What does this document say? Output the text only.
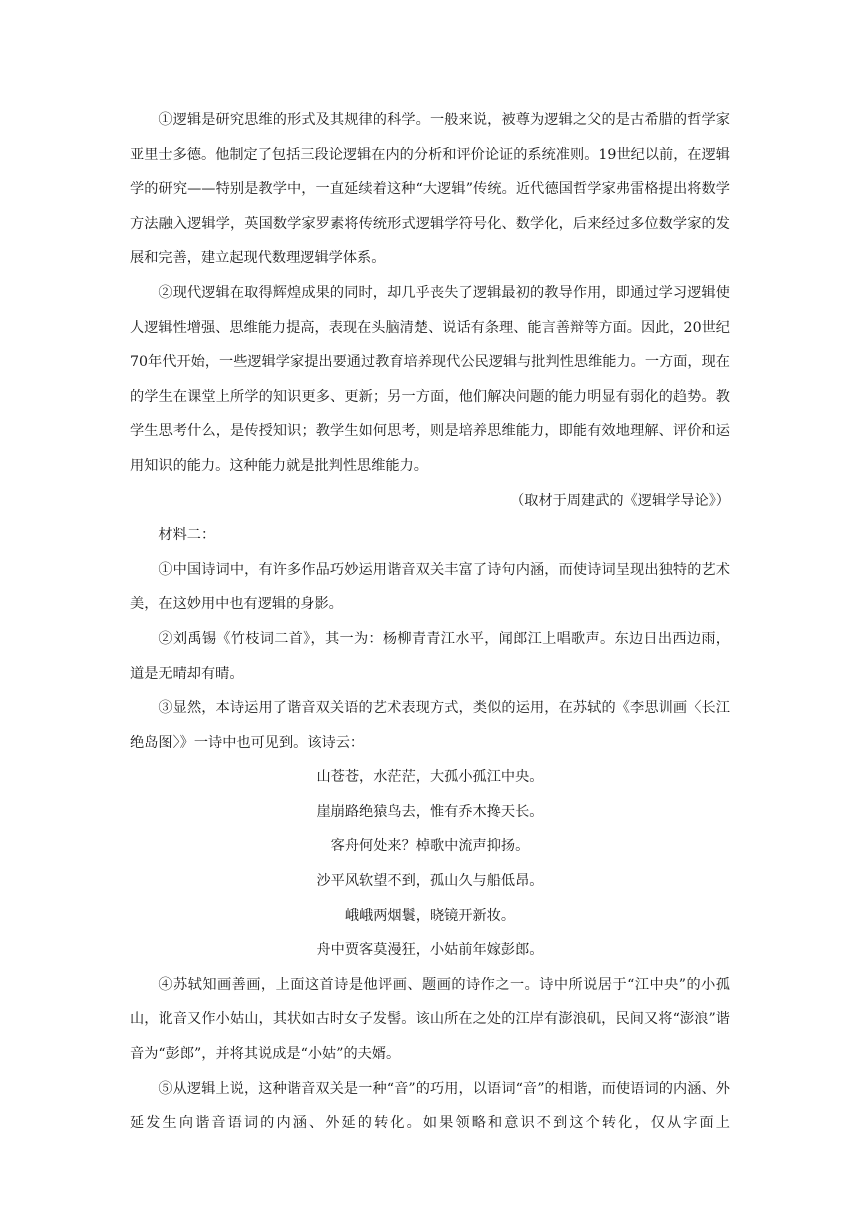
①逻辑是研究思维的形式及其规律的科学。一般来说，被尊为逻辑之父的是古希腊的哲学家亚里士多德。他制定了包括三段论逻辑在内的分析和评价论证的系统准则。19世纪以前，在逻辑学的研究——特别是教学中，一直延续着这种“大逻辑”传统。近代德国哲学家弗雷格提出将数学方法融入逻辑学，英国数学家罗素将传统形式逻辑学符号化、数学化，后来经过多位数学家的发展和完善，建立起现代数理逻辑学体系。

②现代逻辑在取得辉煌成果的同时，却几乎丧失了逻辑最初的教导作用，即通过学习逻辑使人逻辑性增强、思维能力提高，表现在头脑清楚、说话有条理、能言善辩等方面。因此，20世纪70年代开始，一些逻辑学家提出要通过教育培养现代公民逻辑与批判性思维能力。一方面，现在的学生在课堂上所学的知识更多、更新；另一方面，他们解决问题的能力明显有弱化的趋势。教学生思考什么，是传授知识；教学生如何思考，则是培养思维能力，即能有效地理解、评价和运用知识的能力。这种能力就是批判性思维能力。

（取材于周建武的《逻辑学导论》）

材料二：

①中国诗词中，有许多作品巧妙运用谐音双关丰富了诗句内涵，而使诗词呈现出独特的艺术美，在这妙用中也有逻辑的身影。

②刘禹锡《竹枝词二首》，其一为：杨柳青青江水平，闻郎江上唱歌声。东边日出西边雨，道是无晴却有晴。

③显然，本诗运用了谐音双关语的艺术表现方式，类似的运用，在苏轼的《李思训画〈长江绝岛图〉》一诗中也可见到。该诗云：

山苍苍，水茫茫，大孤小孤江中央。

崖崩路绝猿鸟去，惟有乔木搀天长。

客舟何处来？棹歌中流声抑扬。

沙平风软望不到，孤山久与船低昂。

峨峨两烟鬟，晓镜开新妆。

舟中贾客莫漫狂，小姑前年嫁彭郎。

④苏轼知画善画，上面这首诗是他评画、题画的诗作之一。诗中所说居于“江中央”的小孤山，讹音又作小姑山，其状如古时女子发髻。该山所在之处的江岸有澎浪矶，民间又将“澎浪”谐音为“彭郎”，并将其说成是“小姑”的夫婿。

⑤从逻辑上说，这种谐音双关是一种“音”的巧用，以语词“音”的相谐，而使语词的内涵、外延发生向谐音语词的内涵、外延的转化。如果领略和意识不到这个转化，仅从字面上
